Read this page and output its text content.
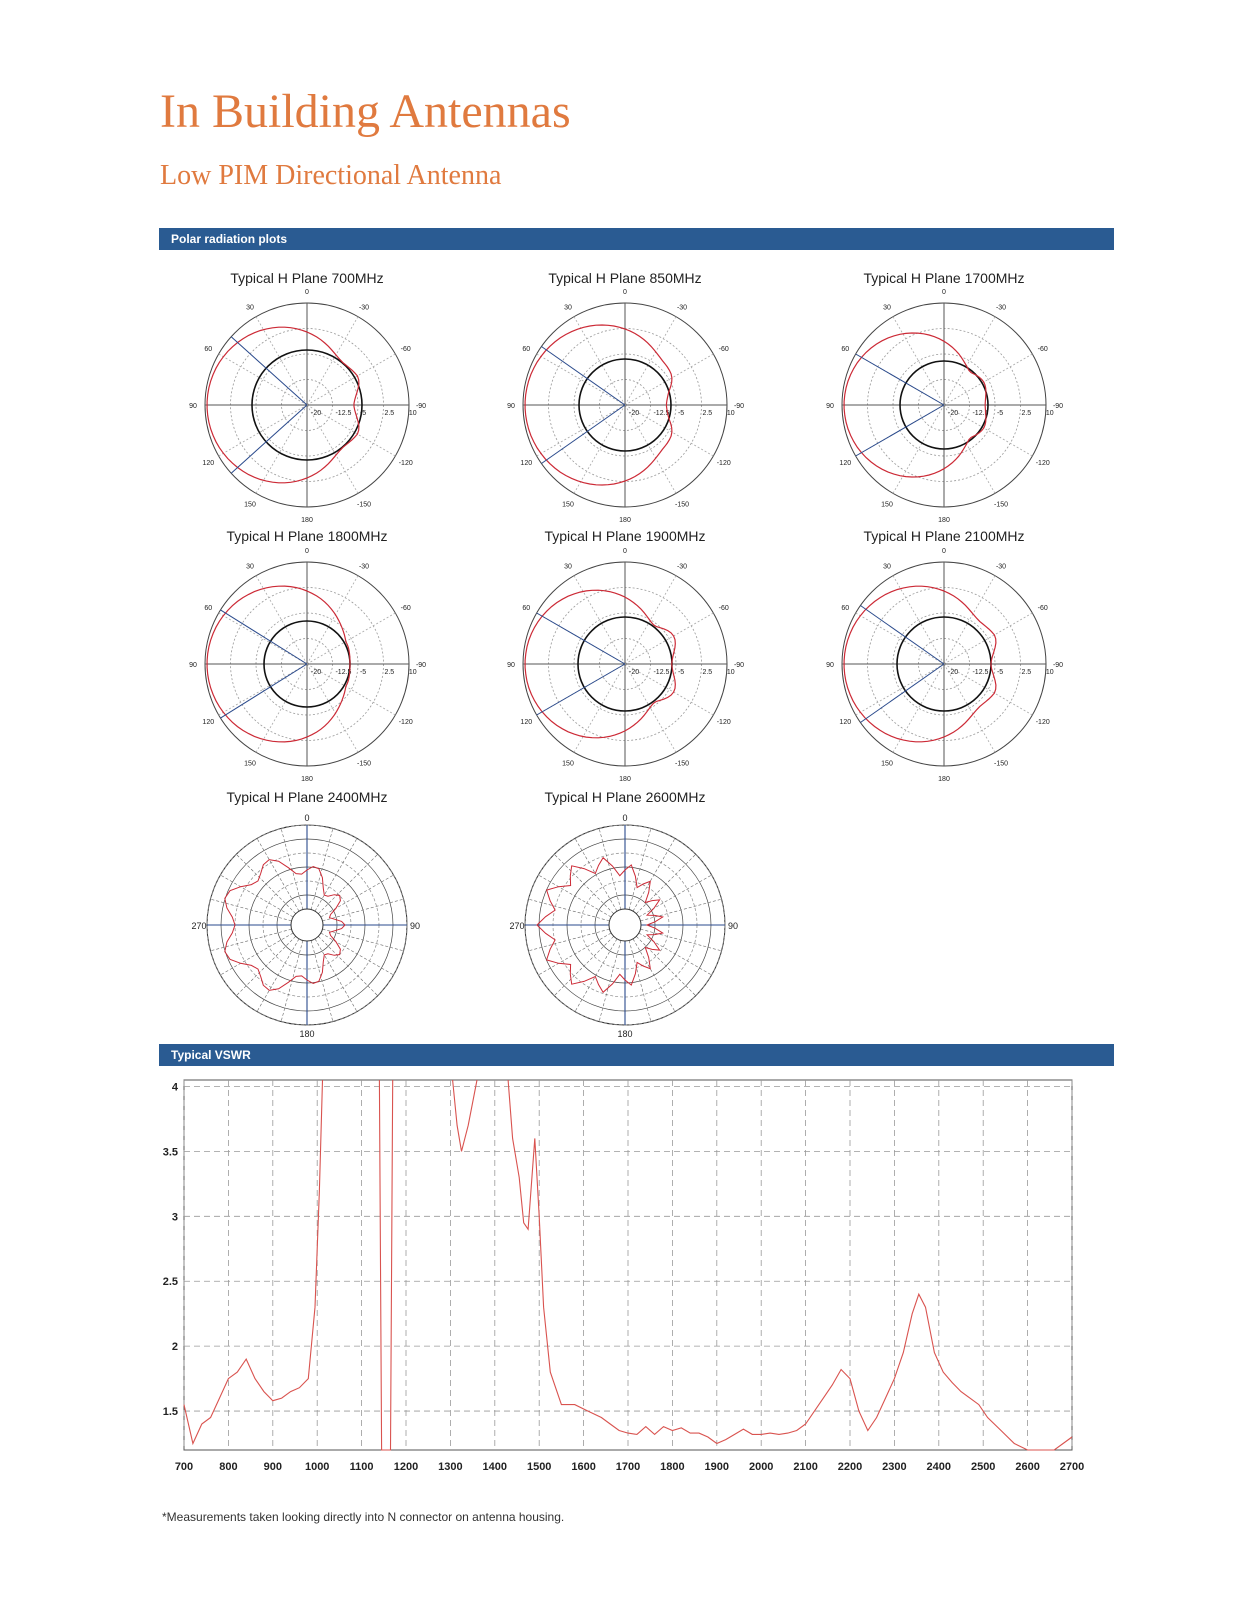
In Building Antennas
Low PIM Directional Antenna
Polar radiation plots
Typical H Plane 700MHz	Typical H Plane 850MHz	Typical H Plane 1700MHz
Typical H Plane 1800MHz	Typical H Plane 1900MHz	Typical H Plane 2100MHz
Typical H Plane 2400MHz	Typical H Plane 2600MHz
0
30
60
90
120
150
180
-150
-120
-90
-60
-30
-20 -12.5 -5	2.5 10
0
30
60
90
120
150
180
-150
-120
-90
-60
-30
-20 -12.5 -5	2.5 10
0
30
60
90
120
150
180
-150
-120
-90
-60
-30
-20 -12.5 -5	2.5 10
0
30
60
90
120
150
180
-150
-120
-90
-60
-30
-20 -12.5 -5	2.5 10
0
30
60
90
120
150
180
-150
-120
-90
-60
-30
-20 -12.5 -5	2.5 10
0
30
60
90
120
150
180
-150
-120
-90
-60
-30
-20 -12.5 -5	2.5 10
0
90
180
270
0
90
180
270
Typical VSWR
700 800 900 1000 1100 1200 1300 1400 1500 1600 1700 1800 1900 2000 2100 2200 2300 2400 2500 2600 2700
4
3.5
3
2.5
2
1.5
*Measurements taken looking directly into N connector on antenna housing.
